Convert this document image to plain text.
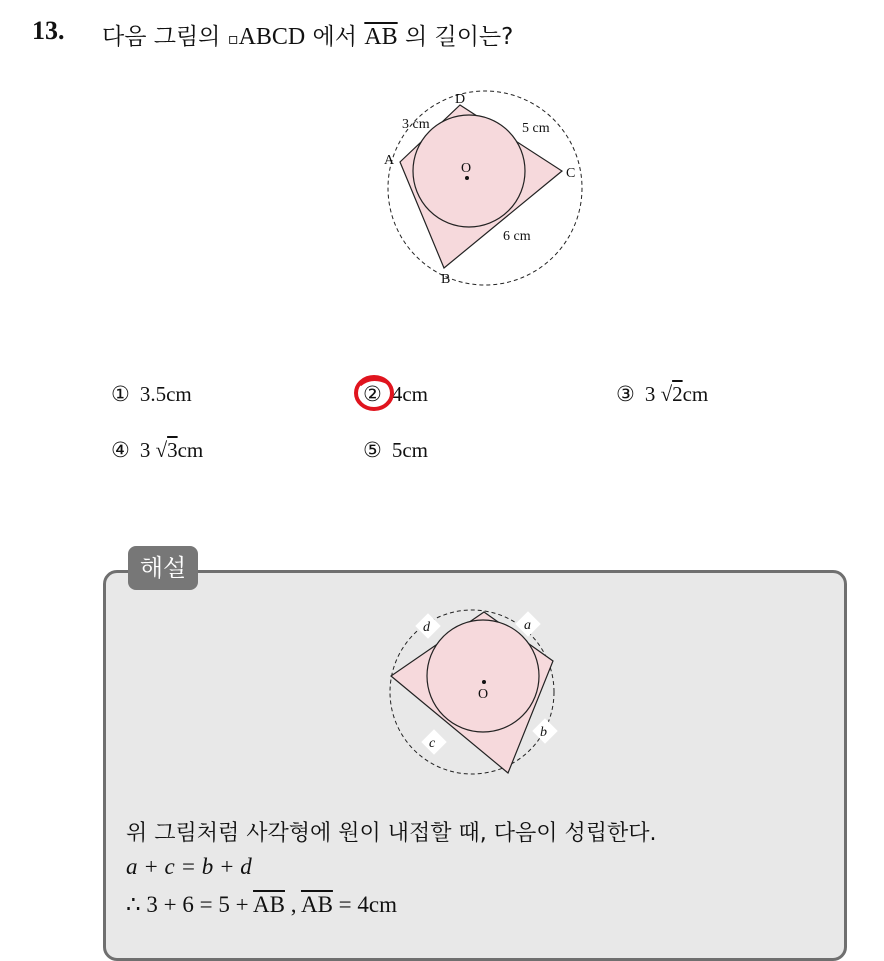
13. 다음 그림의 ▫ABCD 에서 $\overline{AB}$ 의 길이는?
D
C
B
A
O
3 cm	5 cm
6 cm
① 3.5cm	② 4cm	③ 3 √2cm
④ 3 √3cm	⑤ 5cm
해설
O
a
d
b
c
위 그림처럼 사각형에 원이 내접할 때, 다음이 성립한다.
a + c = b + d
∴ $3 + 6 = 5 + \overline{AB}$ , $\overline{AB} = 4cm$
